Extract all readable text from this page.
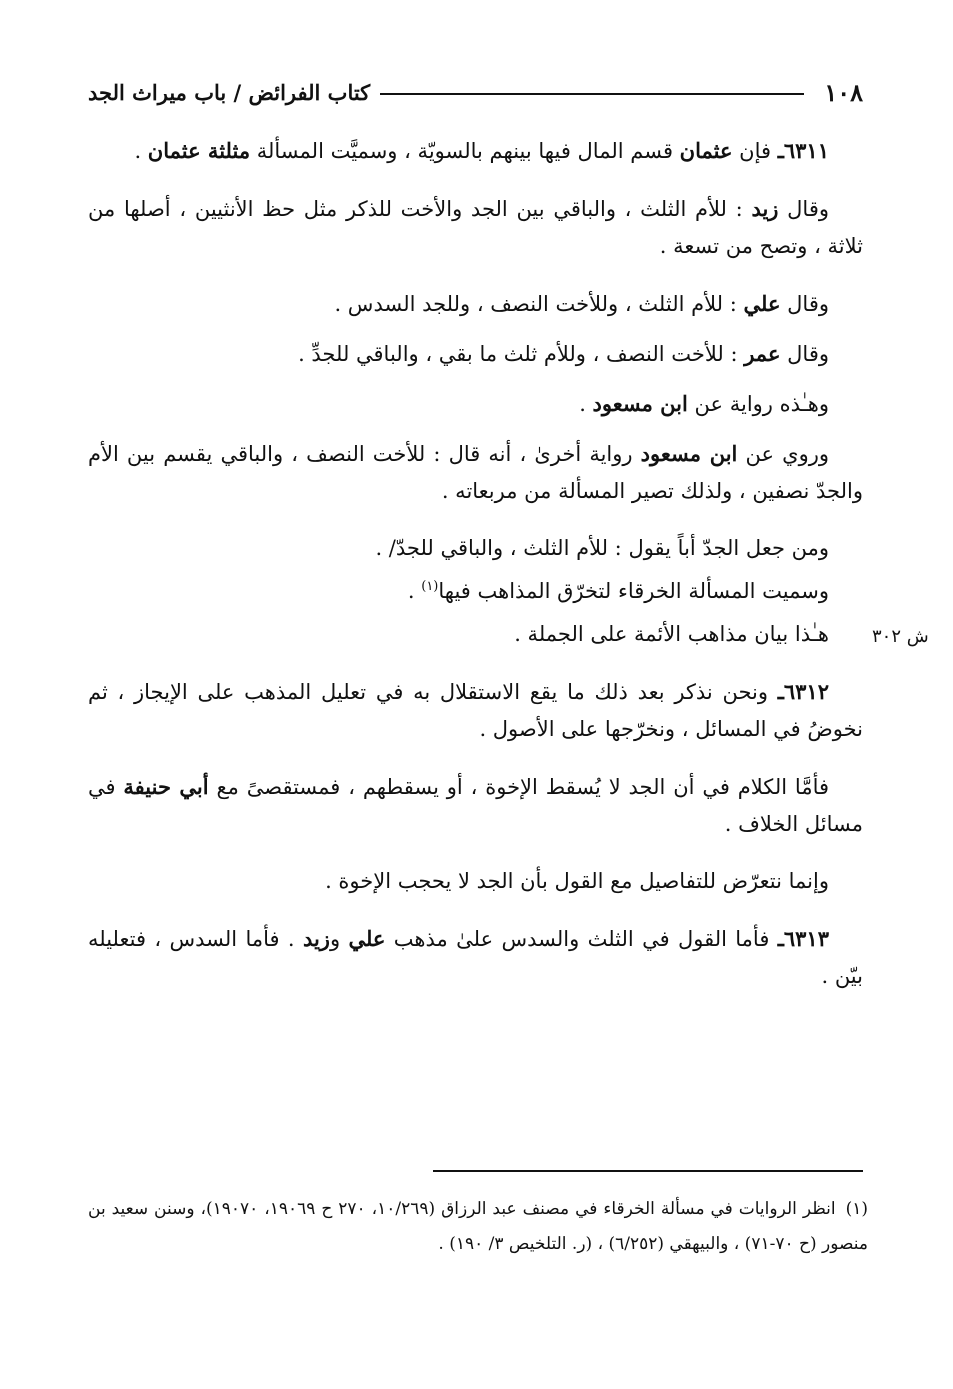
١٠٨
كتاب الفرائض / باب ميراث الجد
ش ٣٠٢

٦٣١١ـ فإن عثمان قسم المال فيها بينهم بالسويّة ، وسميَّت المسألة مثلثة عثمان .

وقال زيد : للأم الثلث ، والباقي بين الجد والأخت للذكر مثل حظ الأنثيين ، أصلها من ثلاثة ، وتصح من تسعة .

وقال علي : للأم الثلث ، وللأخت النصف ، وللجد السدس .

وقال عمر : للأخت النصف ، وللأم ثلث ما بقي ، والباقي للجدِّ .

وهـٰذه رواية عن ابن مسعود .

وروي عن ابن مسعود رواية أخرىٰ ، أنه قال : للأخت النصف ، والباقي يقسم بين الأم والجدّ نصفين ، ولذلك تصير المسألة من مربعاته .

ومن جعل الجدّ أباً يقول : للأم الثلث ، والباقي للجدّ/ .

وسميت المسألة الخرقاء لتخرّق المذاهب فيها$^{(١)}$ .

هـٰذا بيان مذاهب الأئمة على الجملة .

٦٣١٢ـ ونحن نذكر بعد ذلك ما يقع الاستقلال به في تعليل المذهب على الإيجاز ، ثم نخوضُ في المسائل ، ونخرّجها على الأصول .

فأمَّا الكلام في أن الجد لا يُسقط الإخوة ، أو يسقطهم ، فمستقصىً مع أبي حنيفة في مسائل الخلاف .

وإنما نتعرّض للتفاصيل مع القول بأن الجد لا يحجب الإخوة .

٦٣١٣ـ فأما القول في الثلث والسدس علىٰ مذهب علي وزيد . فأما السدس ، فتعليله بيّن .

(١)انظر الروايات في مسألة الخرقاء في مصنف عبد الرزاق (١٠/٢٦٩، ٢٧٠ ح ١٩٠٦٩، ١٩٠٧٠)، وسنن سعيد بن منصور (ح ٧٠-٧١) ، والبيهقي (٦/٢٥٢) ، (ر. التلخيص ٣/ ١٩٠) .
